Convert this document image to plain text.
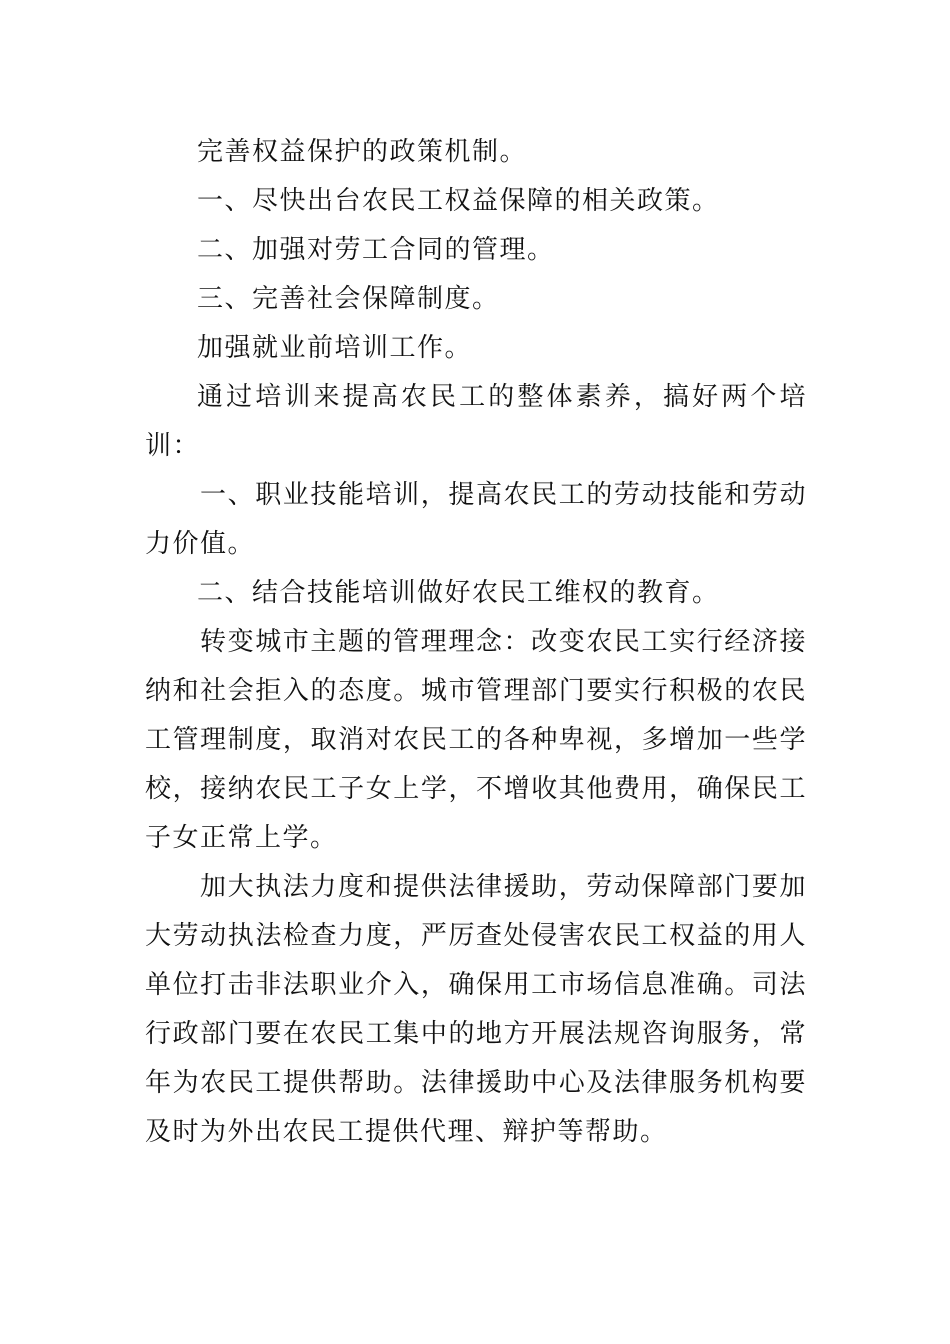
完善权益保护的政策机制。

一、尽快出台农民工权益保障的相关政策。

二、加强对劳工合同的管理。

三、完善社会保障制度。

加强就业前培训工作。

通过培训来提高农民工的整体素养，搞好两个培训：

一、职业技能培训，提高农民工的劳动技能和劳动力价值。

二、结合技能培训做好农民工维权的教育。

转变城市主题的管理理念：改变农民工实行经济接纳和社会拒入的态度。城市管理部门要实行积极的农民工管理制度，取消对农民工的各种卑视，多增加一些学校，接纳农民工子女上学，不增收其他费用，确保民工子女正常上学。

加大执法力度和提供法律援助，劳动保障部门要加大劳动执法检查力度，严厉查处侵害农民工权益的用人单位打击非法职业介入，确保用工市场信息准确。司法行政部门要在农民工集中的地方开展法规咨询服务，常年为农民工提供帮助。法律援助中心及法律服务机构要及时为外出农民工提供代理、辩护等帮助。
